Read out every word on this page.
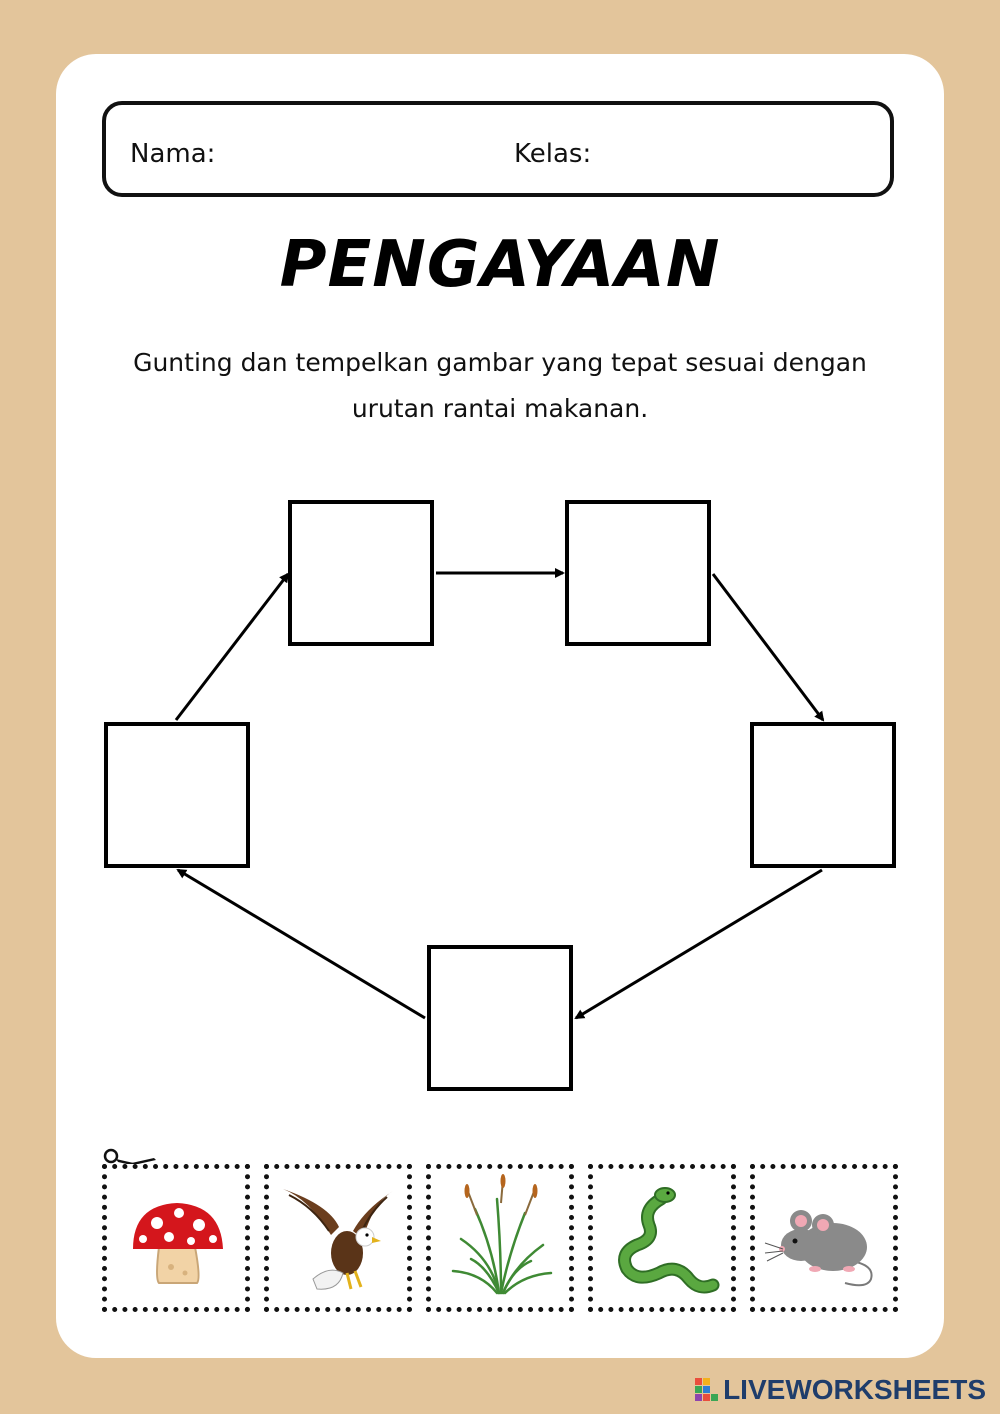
Nama:	Kelas:
PENGAYAAN
Gunting dan tempelkan gambar yang tepat sesuai dengan
urutan rantai makanan.
LIVEWORKSHEETS
